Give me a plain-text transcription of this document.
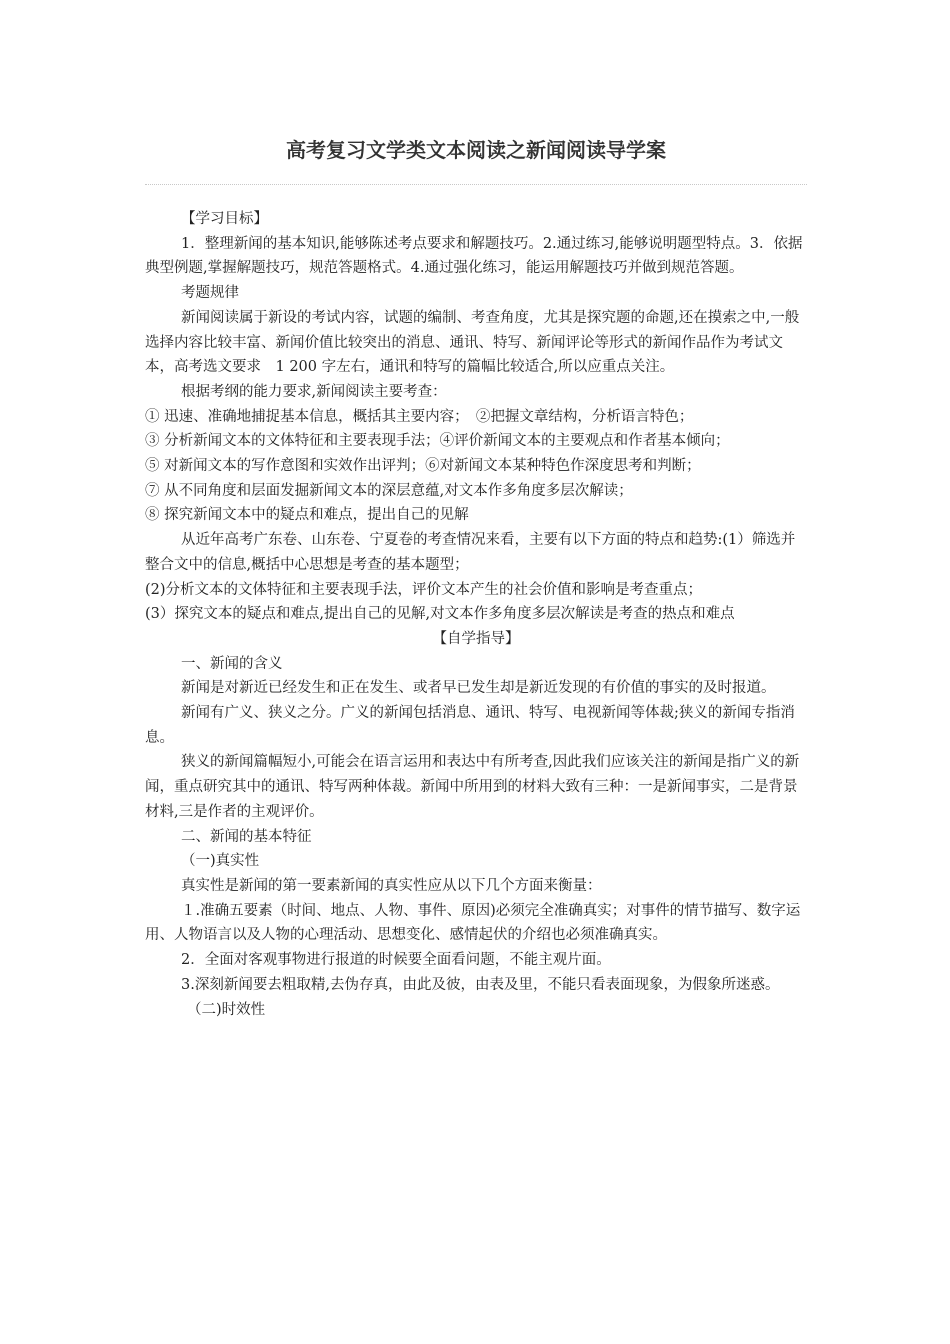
高考复习文学类文本阅读之新闻阅读导学案

【学习目标】

1．整理新闻的基本知识,能够陈述考点要求和解题技巧。2.通过练习,能够说明题型特点。3．依据典型例题,掌握解题技巧，规范答题格式。4.通过强化练习，能运用解题技巧并做到规范答题。

考题规律

新闻阅读属于新设的考试内容，试题的编制、考查角度，尤其是探究题的命题,还在摸索之中,一般选择内容比较丰富、新闻价值比较突出的消息、通讯、特写、新闻评论等形式的新闻作品作为考试文本，高考选文要求　1 200 字左右，通讯和特写的篇幅比较适合,所以应重点关注。

根据考纲的能力要求,新闻阅读主要考查：

① 迅速、准确地捕捉基本信息，概括其主要内容；　②把握文章结构，分析语言特色；

③ 分析新闻文本的文体特征和主要表现手法；④评价新闻文本的主要观点和作者基本倾向；

⑤ 对新闻文本的写作意图和实效作出评判；⑥对新闻文本某种特色作深度思考和判断；

⑦ 从不同角度和层面发掘新闻文本的深层意蕴,对文本作多角度多层次解读；

⑧ 探究新闻文本中的疑点和难点，提出自己的见解

从近年高考广东卷、山东卷、宁夏卷的考查情况来看，主要有以下方面的特点和趋势:(1）筛选并整合文中的信息,概括中心思想是考查的基本题型；

(2)分析文本的文体特征和主要表现手法，评价文本产生的社会价值和影响是考查重点；

(3）探究文本的疑点和难点,提出自己的见解,对文本作多角度多层次解读是考查的热点和难点

【自学指导】

一、新闻的含义

新闻是对新近已经发生和正在发生、或者早已发生却是新近发现的有价值的事实的及时报道。

新闻有广义、狭义之分。广义的新闻包括消息、通讯、特写、电视新闻等体裁;狭义的新闻专指消息。

狭义的新闻篇幅短小,可能会在语言运用和表达中有所考查,因此我们应该关注的新闻是指广义的新闻，重点研究其中的通讯、特写两种体裁。新闻中所用到的材料大致有三种：一是新闻事实，二是背景材料,三是作者的主观评价。

二、新闻的基本特征

（一)真实性

真实性是新闻的第一要素新闻的真实性应从以下几个方面来衡量：

１.准确五要素（时间、地点、人物、事件、原因)必须完全准确真实；对事件的情节描写、数字运用、人物语言以及人物的心理活动、思想变化、感情起伏的介绍也必须准确真实。

2．全面对客观事物进行报道的时候要全面看问题，不能主观片面。

3.深刻新闻要去粗取精,去伪存真，由此及彼，由表及里，不能只看表面现象，为假象所迷惑。

（二)时效性
